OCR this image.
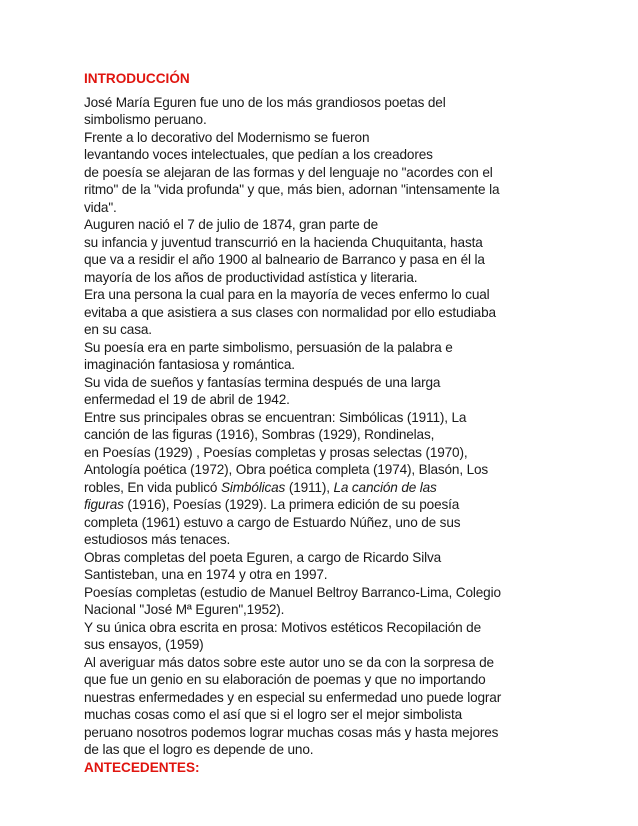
INTRODUCCIÓN
José María Eguren fue uno de los más grandiosos poetas del
simbolismo peruano.
Frente a lo decorativo del Modernismo se fueron
levantando voces intelectuales, que pedían a los creadores
de poesía se alejaran de las formas y del lenguaje no "acordes con el
ritmo" de la "vida profunda" y que, más bien, adornan "intensamente la
vida".
Auguren nació el 7 de julio de 1874, gran parte de
su infancia y juventud transcurrió en la hacienda Chuquitanta, hasta
que va a residir el año 1900 al balneario de Barranco y pasa en él la
mayoría de los años de productividad astística y literaria.
Era una persona la cual para en la mayoría de veces enfermo lo cual
evitaba a que asistiera a sus clases con normalidad por ello estudiaba
en su casa.
Su poesía era en parte simbolismo, persuasión de la palabra e
imaginación fantasiosa y romántica.
Su vida de sueños y fantasías termina después de una larga
enfermedad el 19 de abril de 1942.
Entre sus principales obras se encuentran: Simbólicas (1911), La
canción de las figuras (1916), Sombras (1929), Rondinelas,
en Poesías (1929) , Poesías completas y prosas selectas (1970),
Antología poética (1972), Obra poética completa (1974), Blasón, Los
robles, En vida publicó Simbólicas (1911), La canción de las
figuras (1916), Poesías (1929). La primera edición de su poesía
completa (1961) estuvo a cargo de Estuardo Núñez, uno de sus
estudiosos más tenaces.
Obras completas del poeta Eguren, a cargo de Ricardo Silva
Santisteban, una en 1974 y otra en 1997.
Poesías completas (estudio de Manuel Beltroy Barranco-Lima, Colegio
Nacional "José Mª Eguren",1952).
Y su única obra escrita en prosa: Motivos estéticos Recopilación de
sus ensayos, (1959)
Al averiguar más datos sobre este autor uno se da con la sorpresa de
que fue un genio en su elaboración de poemas y que no importando
nuestras enfermedades y en especial su enfermedad uno puede lograr
muchas cosas como el así que si el logro ser el mejor simbolista
peruano nosotros podemos lograr muchas cosas más y hasta mejores
de las que el logro es depende de uno.
ANTECEDENTES:
